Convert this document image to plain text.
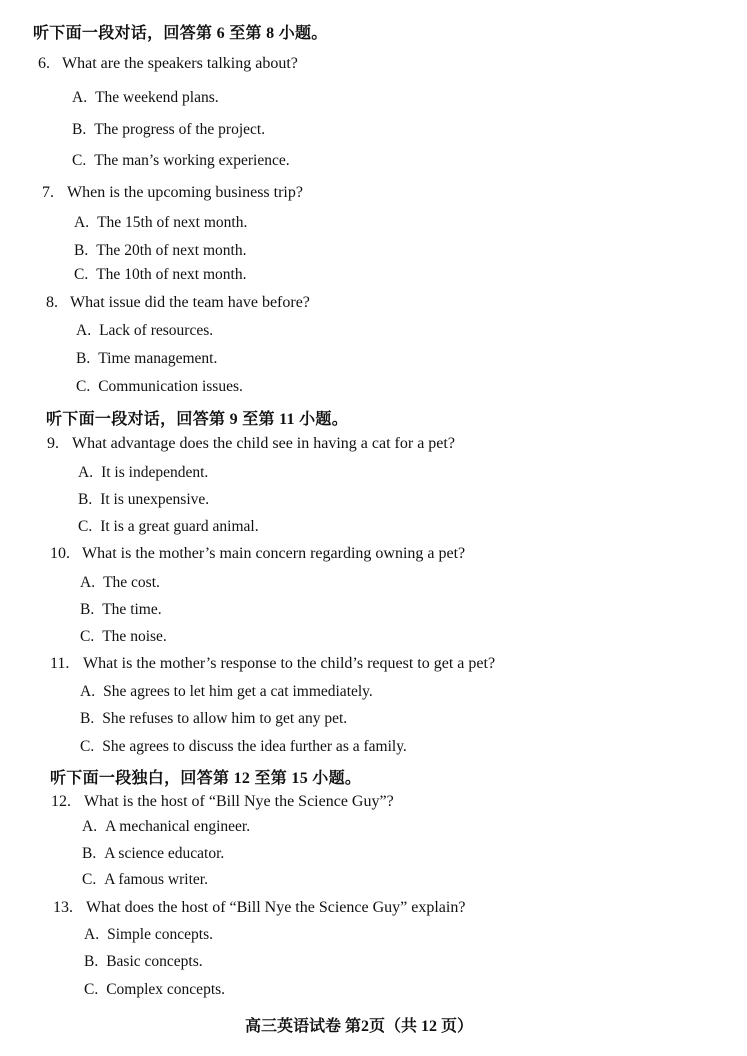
听下面一段对话，回答第 6 至第 8 小题。
6. What are the speakers talking about?
A. The weekend plans.
B. The progress of the project.
C. The man’s working experience.
7. When is the upcoming business trip?
A. The 15th of next month.
B. The 20th of next month.
C. The 10th of next month.
8. What issue did the team have before?
A. Lack of resources.
B. Time management.
C. Communication issues.
听下面一段对话，回答第 9 至第 11 小题。
9. What advantage does the child see in having a cat for a pet?
A. It is independent.
B. It is unexpensive.
C. It is a great guard animal.
10. What is the mother’s main concern regarding owning a pet?
A. The cost.
B. The time.
C. The noise.
11. What is the mother’s response to the child’s request to get a pet?
A. She agrees to let him get a cat immediately.
B. She refuses to allow him to get any pet.
C. She agrees to discuss the idea further as a family.
听下面一段独白，回答第 12 至第 15 小题。
12. What is the host of “Bill Nye the Science Guy”?
A. A mechanical engineer.
B. A science educator.
C. A famous writer.
13. What does the host of “Bill Nye the Science Guy” explain?
A. Simple concepts.
B. Basic concepts.
C. Complex concepts.
高三英语试卷 第2页（共 12 页）
